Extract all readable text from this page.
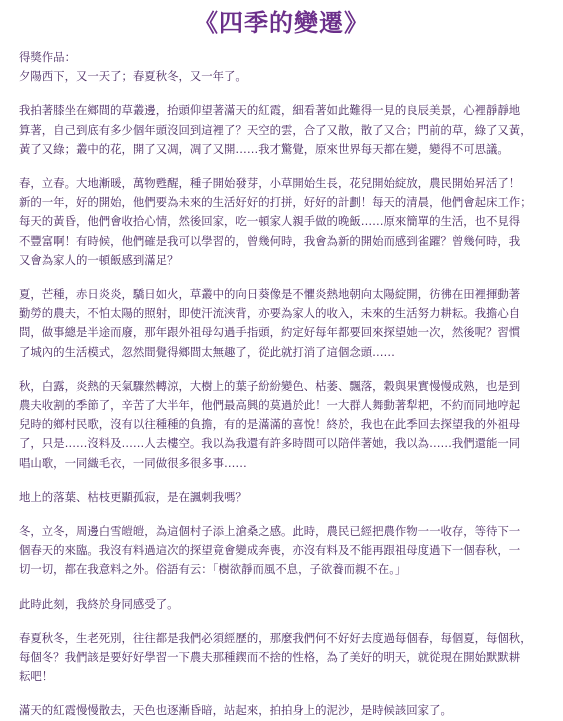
《四季的變遷》

得獎作品：
夕陽西下，又一天了；春夏秋冬，又一年了。

我拍著膝坐在鄉間的草叢邊，抬頭仰望著滿天的紅霞，細看著如此難得一見的良辰美景，心裡靜靜地
算著，自己到底有多少個年頭沒回到這裡了？天空的雲，合了又散，散了又合；門前的草，綠了又黃，
黃了又綠；叢中的花，開了又凋，凋了又開……我才驚覺，原來世界每天都在變，變得不可思議。

春，立春。大地漸暖，萬物甦醒，種子開始發芽，小草開始生長，花兒開始綻放，農民開始昇活了！
新的一年，好的開始，他們要為未來的生活好好的打拼，好好的計劃！每天的清晨，他們會起床工作；
每天的黃昏，他們會收拾心情，然後回家，吃一頓家人親手做的晚飯……原來簡單的生活，也不見得
不豐富啊！有時候，他們確是我可以學習的，曾幾何時，我會為新的開始而感到雀躍？曾幾何時，我
又會為家人的一頓飯感到滿足？

夏，芒種，赤日炎炎，驕日如火，草叢中的向日葵像是不懼炎熱地朝向太陽綻開，彷彿在田裡揮動著
勤勞的農夫，不怕太陽的照射，即使汗流浹背，亦要為家人的收入，未來的生活努力耕耘。我擔心自
問，做事總是半途而廢，那年跟外祖母勾過手指頭，約定好每年都要回來探望她一次，然後呢？習慣
了城內的生活模式，忽然間覺得鄉間太無趣了，從此就打消了這個念頭……

秋，白露，炎熱的天氣驟然轉涼，大樹上的葉子紛紛變色、枯萎、飄落，穀與果實慢慢成熟，也是到
農夫收割的季節了，辛苦了大半年，他們最高興的莫過於此！一大群人舞動著犁耙，不約而同地哼起
兒時的鄉村民歌，沒有以往種種的負擔，有的是滿滿的喜悅！終於，我也在此季回去探望我的外祖母
了，只是……沒料及……人去樓空。我以為我還有許多時間可以陪伴著她，我以為……我們還能一同
唱山歌，一同織毛衣，一同做很多很多事……

地上的落葉、枯枝更顯孤寂，是在諷刺我嗎？

冬，立冬，周邊白雪皚皚，為這個村子添上滄桑之感。此時，農民已經把農作物一一收存，等待下一
個春天的來臨。我沒有料過這次的探望竟會變成奔喪，亦沒有料及不能再跟祖母度過下一個春秋，一
切一切，都在我意料之外。俗語有云：「樹欲靜而風不息，子欲養而親不在。」

此時此刻，我終於身同感受了。

春夏秋冬，生老死別，往往都是我們必須經歷的，那麼我們何不好好去度過每個春，每個夏，每個秋，
每個冬？我們該是要好好學習一下農夫那種鍥而不捨的性格，為了美好的明天，就從現在開始默默耕
耘吧！

滿天的紅霞慢慢散去，天色也逐漸昏暗，站起來，拍拍身上的泥沙，是時候該回家了。
